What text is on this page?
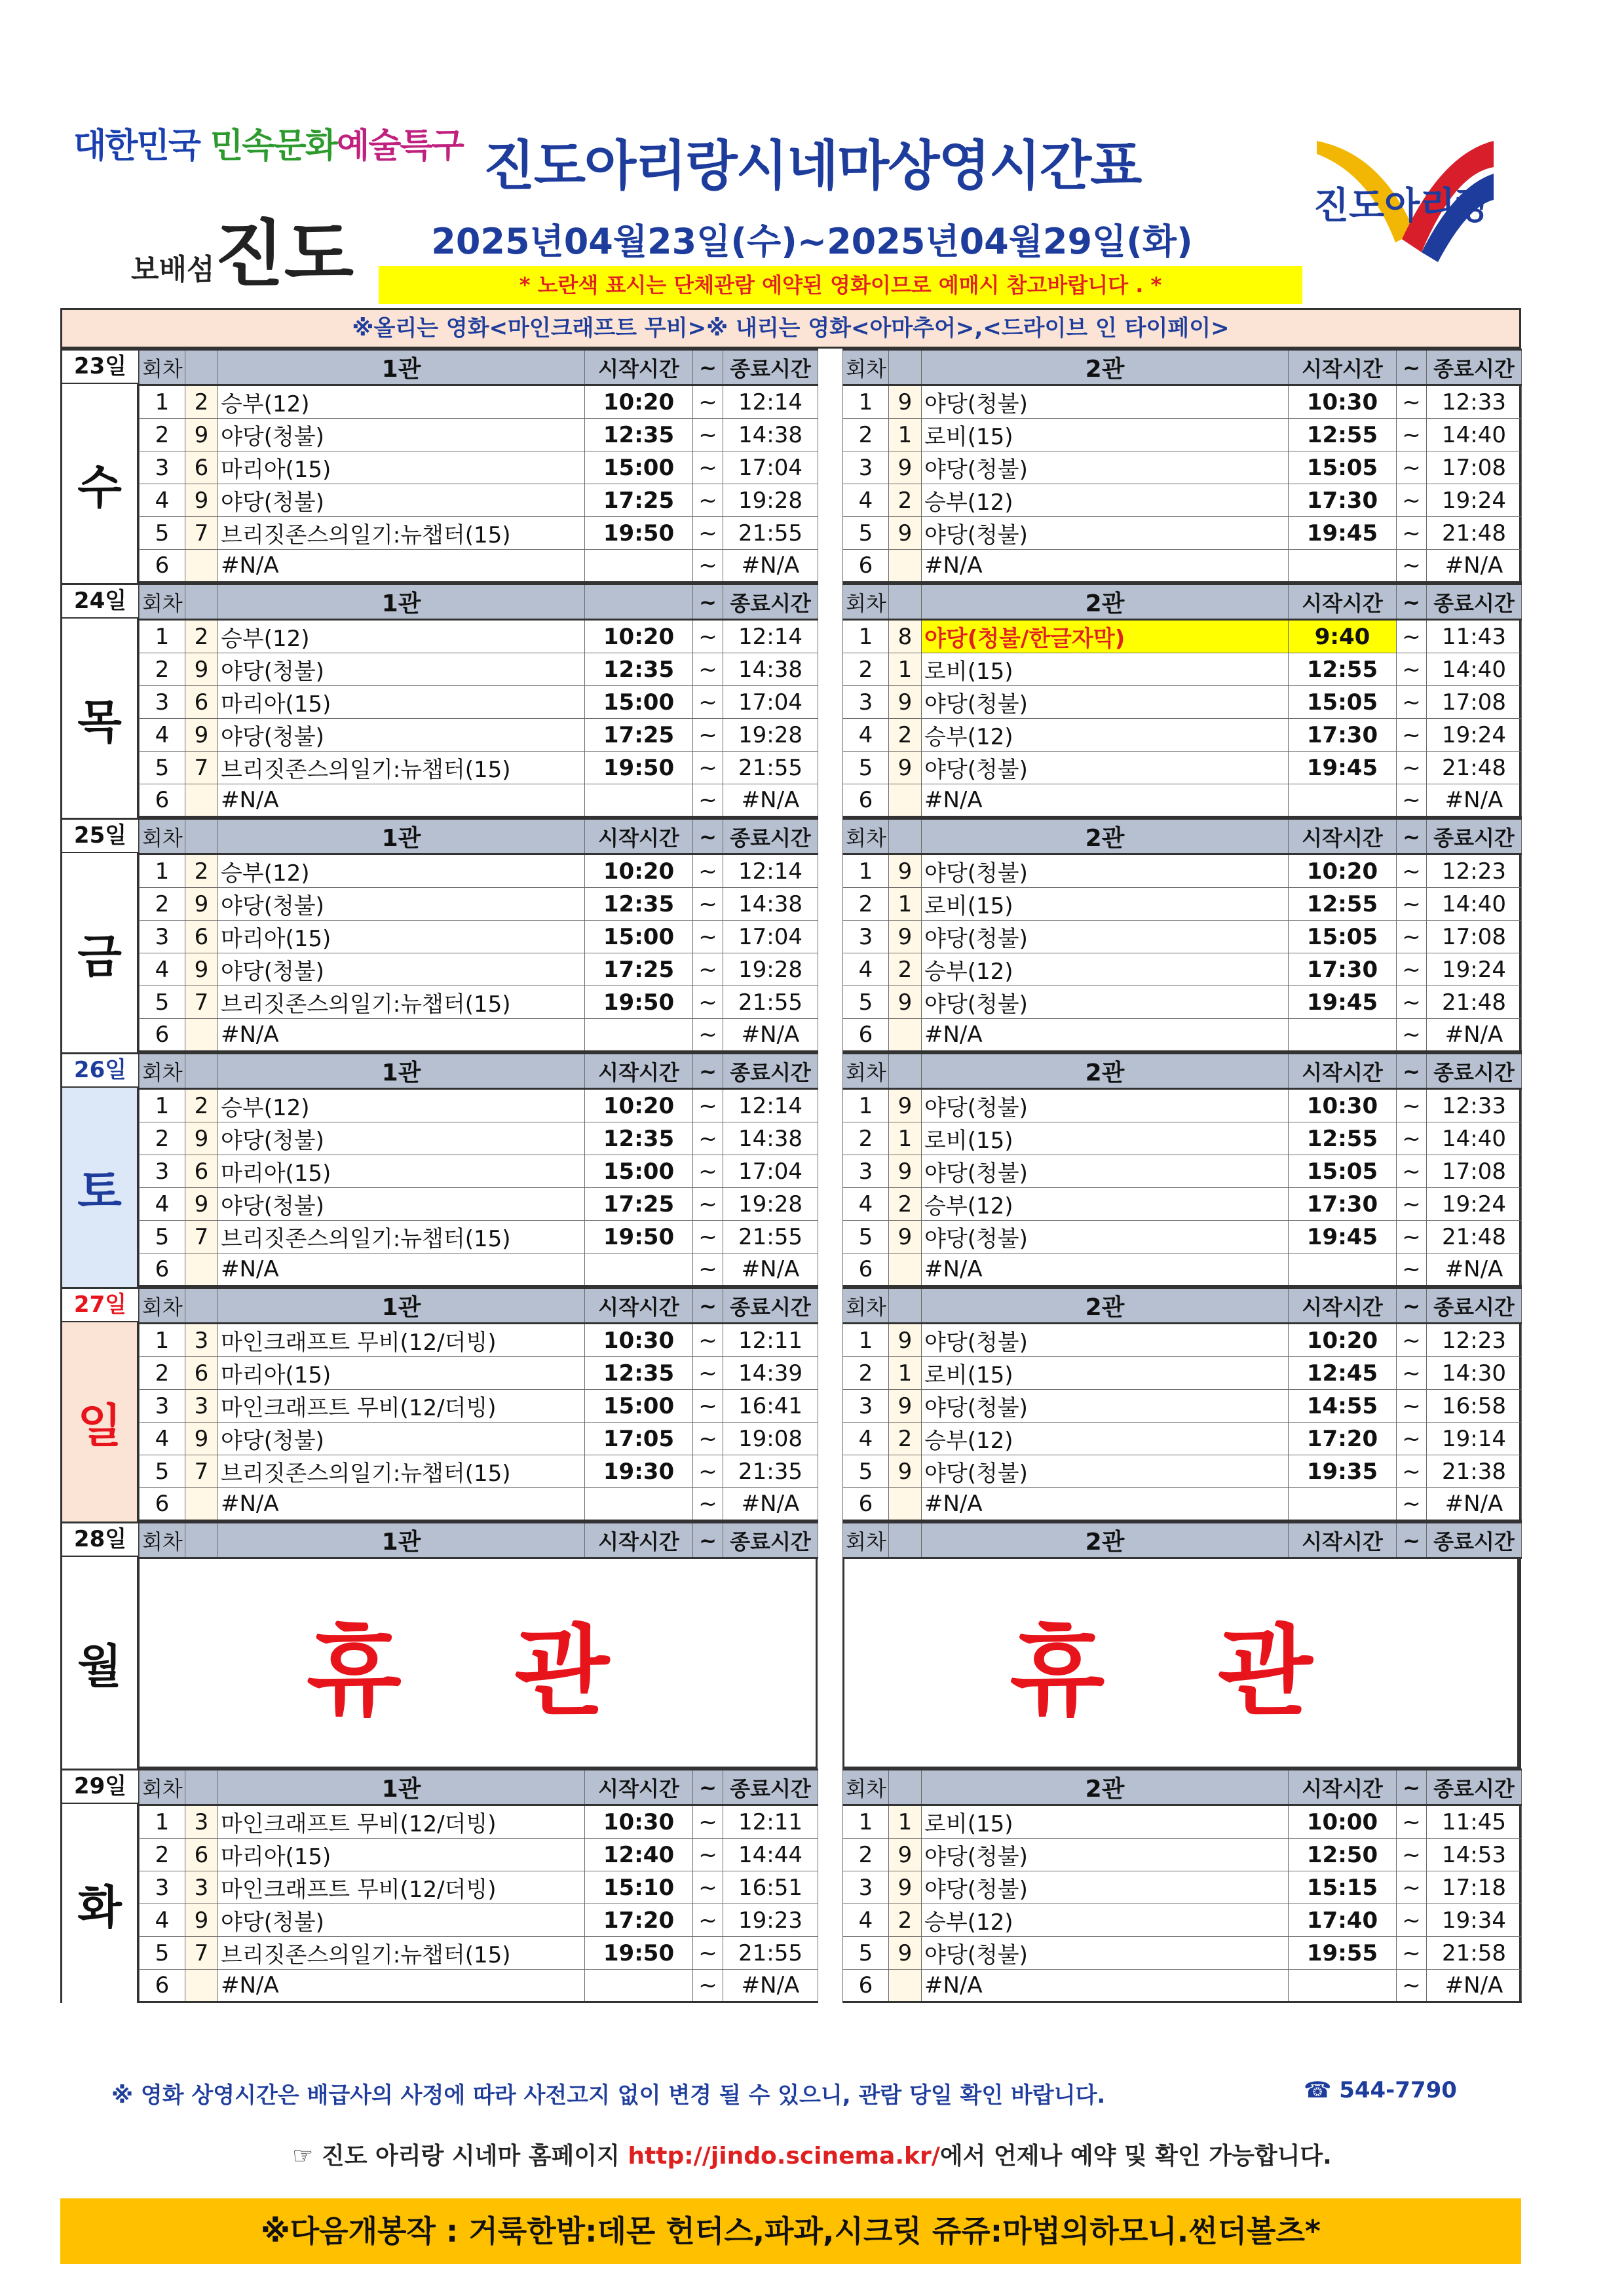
대한민국 민속문화예술특구
보배섬진도
진도아리랑시네마상영시간표
2025년04월23일(수)~2025년04월29일(화)
* 노란색 표시는 단체관람 예약된 영화이므로 예매시 참고바랍니다 . *
진도아리랑
※올리는 영화<마인크래프트 무비>※ 내리는 영화<아마추어>,<드라이브 인 타이페이>
23일
수
회차		1관	시작시간	~	종료시간
1	2	승부(12)	10:20	~	12:14
2	9	야당(청불)	12:35	~	14:38
3	6	마리아(15)	15:00	~	17:04
4	9	야당(청불)	17:25	~	19:28
5	7	브리짓존스의일기:뉴챕터(15)	19:50	~	21:55
6		#N/A		~	#N/A
회차		2관	시작시간	~	종료시간
1	9	야당(청불)	10:30	~	12:33
2	1	로비(15)	12:55	~	14:40
3	9	야당(청불)	15:05	~	17:08
4	2	승부(12)	17:30	~	19:24
5	9	야당(청불)	19:45	~	21:48
6		#N/A		~	#N/A
24일
목
회차		1관		~	종료시간
1	2	승부(12)	10:20	~	12:14
2	9	야당(청불)	12:35	~	14:38
3	6	마리아(15)	15:00	~	17:04
4	9	야당(청불)	17:25	~	19:28
5	7	브리짓존스의일기:뉴챕터(15)	19:50	~	21:55
6		#N/A		~	#N/A
회차		2관	시작시간	~	종료시간
1	8	야당(청불/한글자막)	9:40	~	11:43
2	1	로비(15)	12:55	~	14:40
3	9	야당(청불)	15:05	~	17:08
4	2	승부(12)	17:30	~	19:24
5	9	야당(청불)	19:45	~	21:48
6		#N/A		~	#N/A
25일
금
회차		1관	시작시간	~	종료시간
1	2	승부(12)	10:20	~	12:14
2	9	야당(청불)	12:35	~	14:38
3	6	마리아(15)	15:00	~	17:04
4	9	야당(청불)	17:25	~	19:28
5	7	브리짓존스의일기:뉴챕터(15)	19:50	~	21:55
6		#N/A		~	#N/A
회차		2관	시작시간	~	종료시간
1	9	야당(청불)	10:20	~	12:23
2	1	로비(15)	12:55	~	14:40
3	9	야당(청불)	15:05	~	17:08
4	2	승부(12)	17:30	~	19:24
5	9	야당(청불)	19:45	~	21:48
6		#N/A		~	#N/A
26일
토
회차		1관	시작시간	~	종료시간
1	2	승부(12)	10:20	~	12:14
2	9	야당(청불)	12:35	~	14:38
3	6	마리아(15)	15:00	~	17:04
4	9	야당(청불)	17:25	~	19:28
5	7	브리짓존스의일기:뉴챕터(15)	19:50	~	21:55
6		#N/A		~	#N/A
회차		2관	시작시간	~	종료시간
1	9	야당(청불)	10:30	~	12:33
2	1	로비(15)	12:55	~	14:40
3	9	야당(청불)	15:05	~	17:08
4	2	승부(12)	17:30	~	19:24
5	9	야당(청불)	19:45	~	21:48
6		#N/A		~	#N/A
27일
일
회차		1관	시작시간	~	종료시간
1	3	마인크래프트 무비(12/더빙)	10:30	~	12:11
2	6	마리아(15)	12:35	~	14:39
3	3	마인크래프트 무비(12/더빙)	15:00	~	16:41
4	9	야당(청불)	17:05	~	19:08
5	7	브리짓존스의일기:뉴챕터(15)	19:30	~	21:35
6		#N/A		~	#N/A
회차		2관	시작시간	~	종료시간
1	9	야당(청불)	10:20	~	12:23
2	1	로비(15)	12:45	~	14:30
3	9	야당(청불)	14:55	~	16:58
4	2	승부(12)	17:20	~	19:14
5	9	야당(청불)	19:35	~	21:38
6		#N/A		~	#N/A
28일
월
회차		1관	시작시간	~	종료시간
휴 관
회차		2관	시작시간	~	종료시간
휴 관
29일
화
회차		1관	시작시간	~	종료시간
1	3	마인크래프트 무비(12/더빙)	10:30	~	12:11
2	6	마리아(15)	12:40	~	14:44
3	3	마인크래프트 무비(12/더빙)	15:10	~	16:51
4	9	야당(청불)	17:20	~	19:23
5	7	브리짓존스의일기:뉴챕터(15)	19:50	~	21:55
6		#N/A		~	#N/A
회차		2관	시작시간	~	종료시간
1	1	로비(15)	10:00	~	11:45
2	9	야당(청불)	12:50	~	14:53
3	9	야당(청불)	15:15	~	17:18
4	2	승부(12)	17:40	~	19:34
5	9	야당(청불)	19:55	~	21:58
6		#N/A		~	#N/A
※ 영화 상영시간은 배급사의 사정에 따라 사전고지 없이 변경 될 수 있으니, 관람 당일 확인 바랍니다.	☎ 544-7790
☞ 진도 아리랑 시네마 홈페이지 http://jindo.scinema.kr/에서 언제나 예약 및 확인 가능합니다.
※다음개봉작 : 거룩한밤:데몬 헌터스,파과,시크릿 쥬쥬:마법의하모니.썬더볼츠*
